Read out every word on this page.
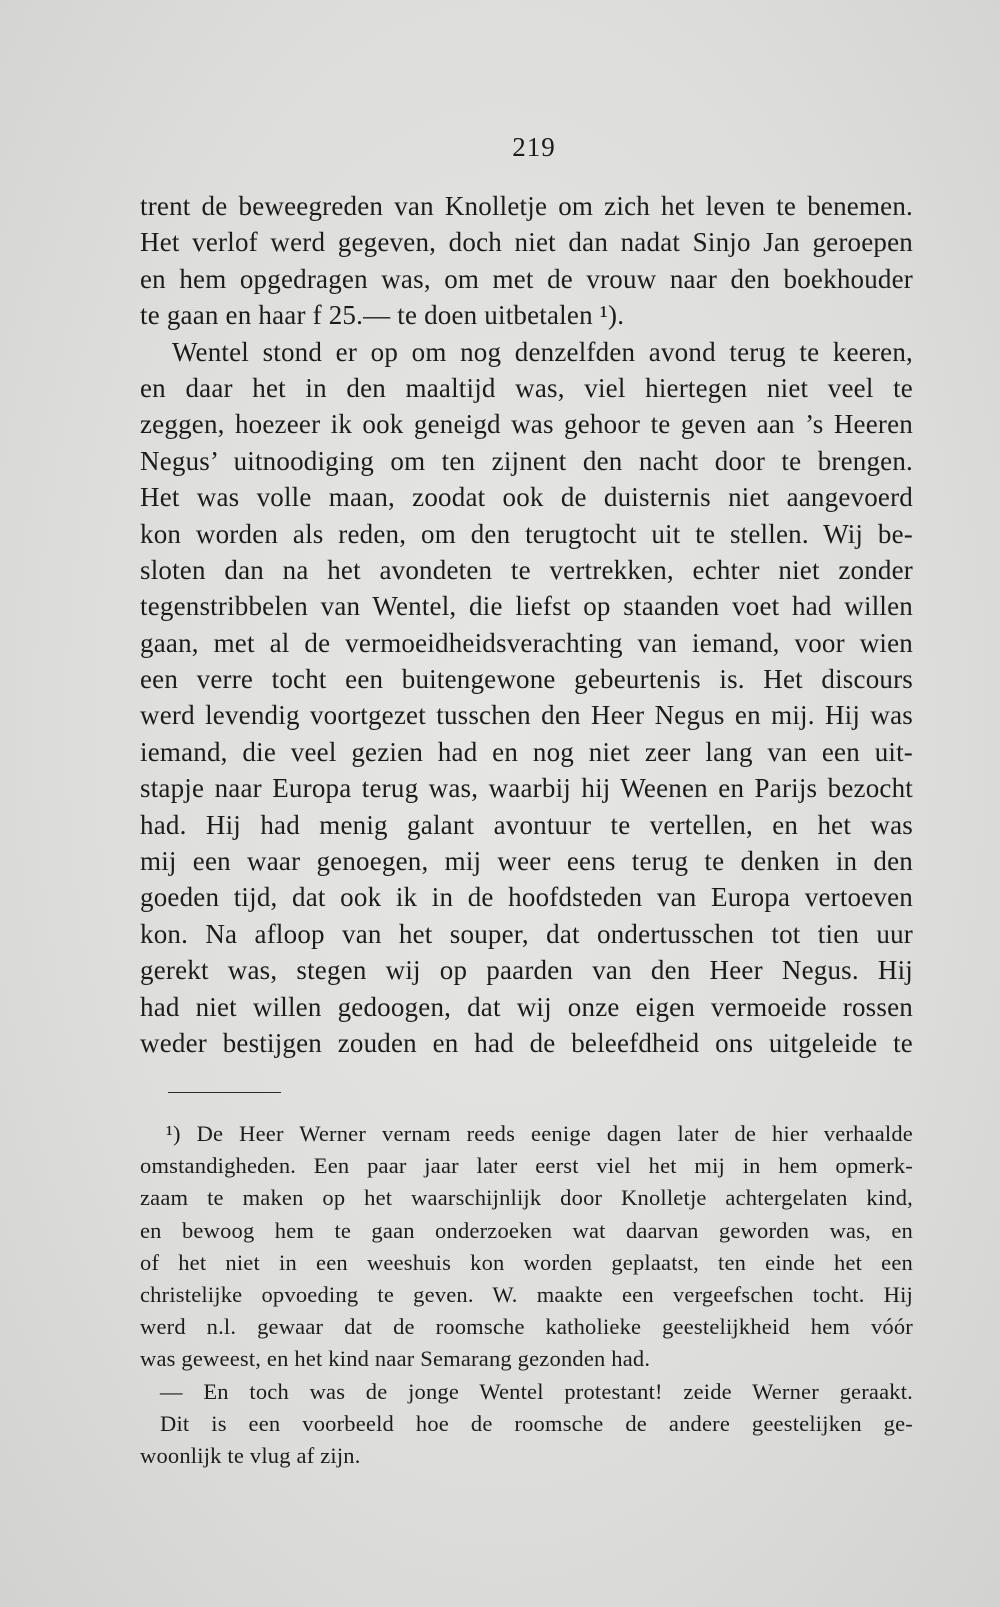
219
trent de beweegreden van Knolletje om zich het leven te benemen.
Het verlof werd gegeven, doch niet dan nadat Sinjo Jan geroepen
en hem opgedragen was, om met de vrouw naar den boekhouder
te gaan en haar f 25.— te doen uitbetalen ¹).
Wentel stond er op om nog denzelfden avond terug te keeren,
en daar het in den maaltijd was, viel hiertegen niet veel te
zeggen, hoezeer ik ook geneigd was gehoor te geven aan ’s Heeren
Negus’ uitnoodiging om ten zijnent den nacht door te brengen.
Het was volle maan, zoodat ook de duisternis niet aangevoerd
kon worden als reden, om den terugtocht uit te stellen. Wij be-
sloten dan na het avondeten te vertrekken, echter niet zonder
tegenstribbelen van Wentel, die liefst op staanden voet had willen
gaan, met al de vermoeidheidsverachting van iemand, voor wien
een verre tocht een buitengewone gebeurtenis is. Het discours
werd levendig voortgezet tusschen den Heer Negus en mij. Hij was
iemand, die veel gezien had en nog niet zeer lang van een uit-
stapje naar Europa terug was, waarbij hij Weenen en Parijs bezocht
had. Hij had menig galant avontuur te vertellen, en het was
mij een waar genoegen, mij weer eens terug te denken in den
goeden tijd, dat ook ik in de hoofdsteden van Europa vertoeven
kon. Na afloop van het souper, dat ondertusschen tot tien uur
gerekt was, stegen wij op paarden van den Heer Negus. Hij
had niet willen gedoogen, dat wij onze eigen vermoeide rossen
weder bestijgen zouden en had de beleefdheid ons uitgeleide te
¹) De Heer Werner vernam reeds eenige dagen later de hier verhaalde
omstandigheden. Een paar jaar later eerst viel het mij in hem opmerk-
zaam te maken op het waarschijnlijk door Knolletje achtergelaten kind,
en bewoog hem te gaan onderzoeken wat daarvan geworden was, en
of het niet in een weeshuis kon worden geplaatst, ten einde het een
christelijke opvoeding te geven. W. maakte een vergeefschen tocht. Hij
werd n.l. gewaar dat de roomsche katholieke geestelijkheid hem vóór
was geweest, en het kind naar Semarang gezonden had.
— En toch was de jonge Wentel protestant! zeide Werner geraakt.
Dit is een voorbeeld hoe de roomsche de andere geestelijken ge-
woonlijk te vlug af zijn.
